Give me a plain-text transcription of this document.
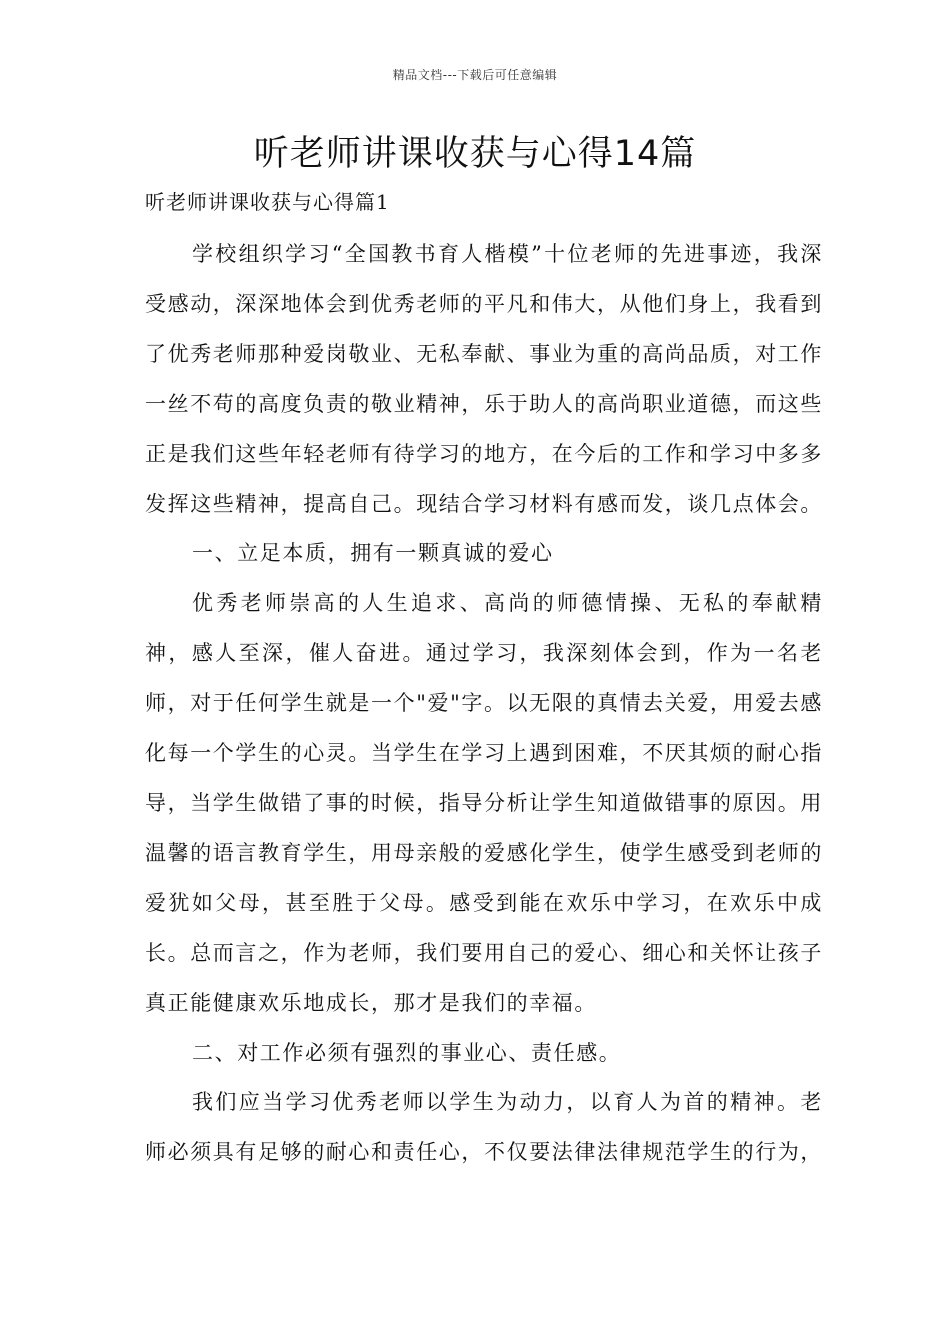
精品文档---下载后可任意编辑
听老师讲课收获与心得14篇
听老师讲课收获与心得篇1

学校组织学习“全国教书育人楷模”十位老师的先进事迹，我深受感动，深深地体会到优秀老师的平凡和伟大，从他们身上，我看到了优秀老师那种爱岗敬业、无私奉献、事业为重的高尚品质，对工作一丝不苟的高度负责的敬业精神，乐于助人的高尚职业道德，而这些正是我们这些年轻老师有待学习的地方，在今后的工作和学习中多多发挥这些精神，提高自己。现结合学习材料有感而发，谈几点体会。

一、立足本质，拥有一颗真诚的爱心

优秀老师崇高的人生追求、高尚的师德情操、无私的奉献精神，感人至深，催人奋进。通过学习，我深刻体会到，作为一名老师，对于任何学生就是一个"爱"字。以无限的真情去关爱，用爱去感化每一个学生的心灵。当学生在学习上遇到困难，不厌其烦的耐心指导，当学生做错了事的时候，指导分析让学生知道做错事的原因。用温馨的语言教育学生，用母亲般的爱感化学生，使学生感受到老师的爱犹如父母，甚至胜于父母。感受到能在欢乐中学习，在欢乐中成长。总而言之，作为老师，我们要用自己的爱心、细心和关怀让孩子真正能健康欢乐地成长，那才是我们的幸福。

二、对工作必须有强烈的事业心、责任感。

我们应当学习优秀老师以学生为动力，以育人为首的精神。老师必须具有足够的耐心和责任心，不仅要法律法律规范学生的行为，
